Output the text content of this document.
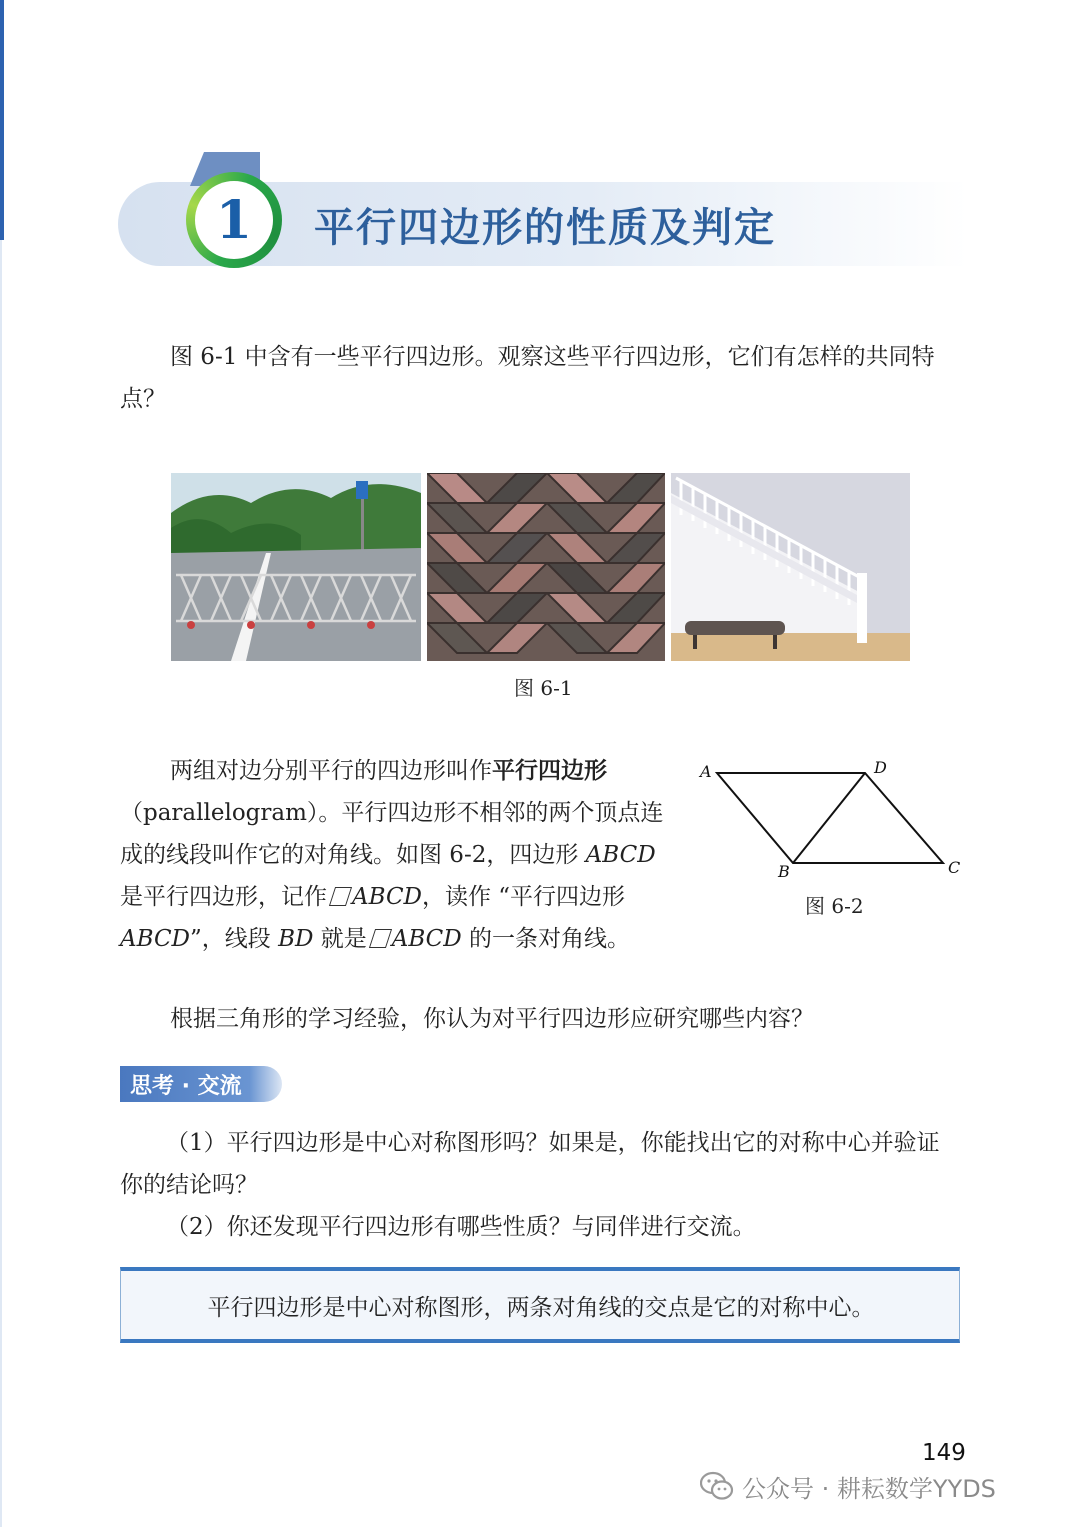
1	平行四边形的性质及判定
图 6-1 中含有一些平行四边形。观察这些平行四边形，它们有怎样的共同特点？
图 6-1
两组对边分别平行的四边形叫作平行四边形（parallelogram）。平行四边形不相邻的两个顶点连成的线段叫作它的对角线。如图 6-2，四边形 ABCD 是平行四边形，记作 ABCD，读作 “平行四边形 ABCD”，线段 BD 就是 ABCD 的一条对角线。
A	D
B	C
图 6-2
根据三角形的学习经验，你认为对平行四边形应研究哪些内容？
思考 · 交流
（1）平行四边形是中心对称图形吗？如果是，你能找出它的对称中心并验证你的结论吗？
（2）你还发现平行四边形有哪些性质？与同伴进行交流。
平行四边形是中心对称图形，两条对角线的交点是它的对称中心。
149
公众号 · 耕耘数学YYDS
